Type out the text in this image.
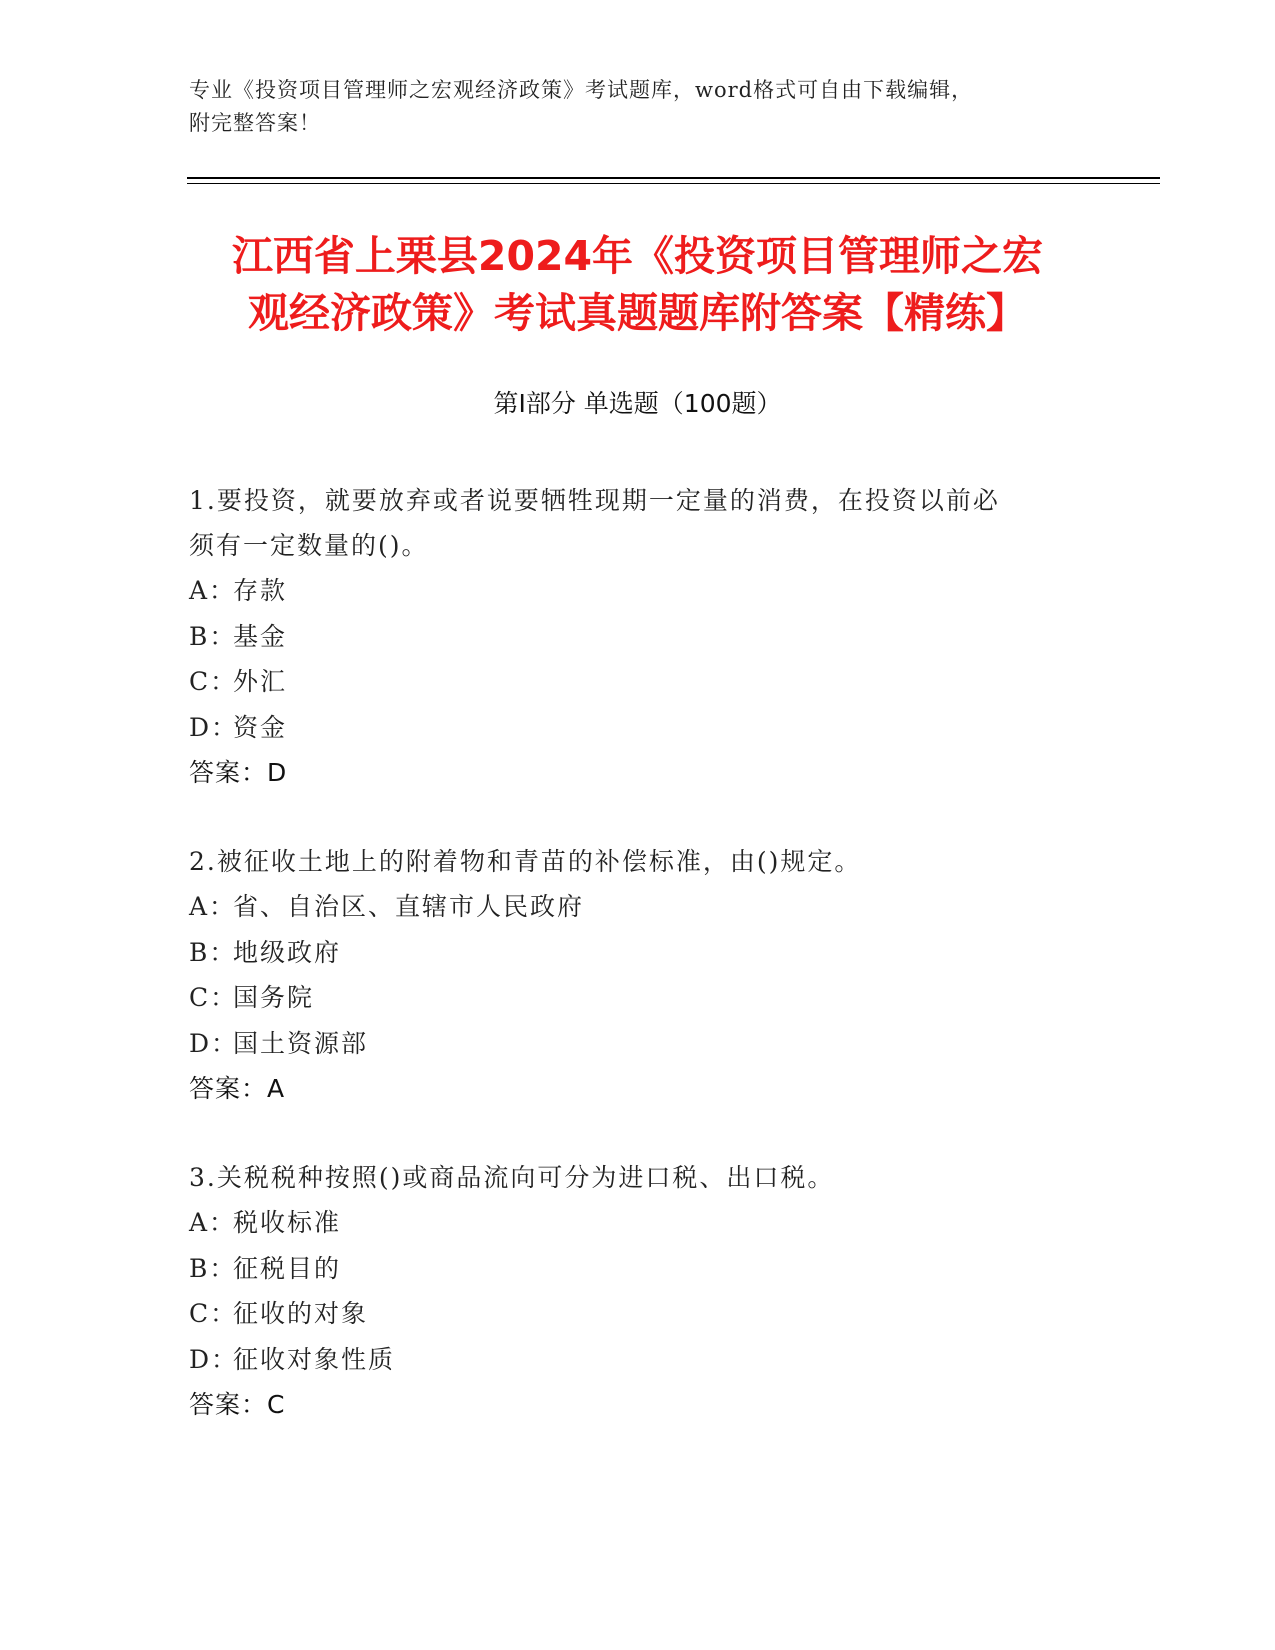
专业《投资项目管理师之宏观经济政策》考试题库，word格式可自由下载编辑，
附完整答案！
江西省上栗县2024年《投资项目管理师之宏
观经济政策》考试真题题库附答案【精练】
第Ⅰ部分 单选题（100题）
1.要投资，就要放弃或者说要牺牲现期一定量的消费，在投资以前必
须有一定数量的()。
A：存款
B：基金
C：外汇
D：资金
答案：D
2.被征收土地上的附着物和青苗的补偿标准，由()规定。
A：省、自治区、直辖市人民政府
B：地级政府
C：国务院
D：国土资源部
答案：A
3.关税税种按照()或商品流向可分为进口税、出口税。
A：税收标准
B：征税目的
C：征收的对象
D：征收对象性质
答案：C
